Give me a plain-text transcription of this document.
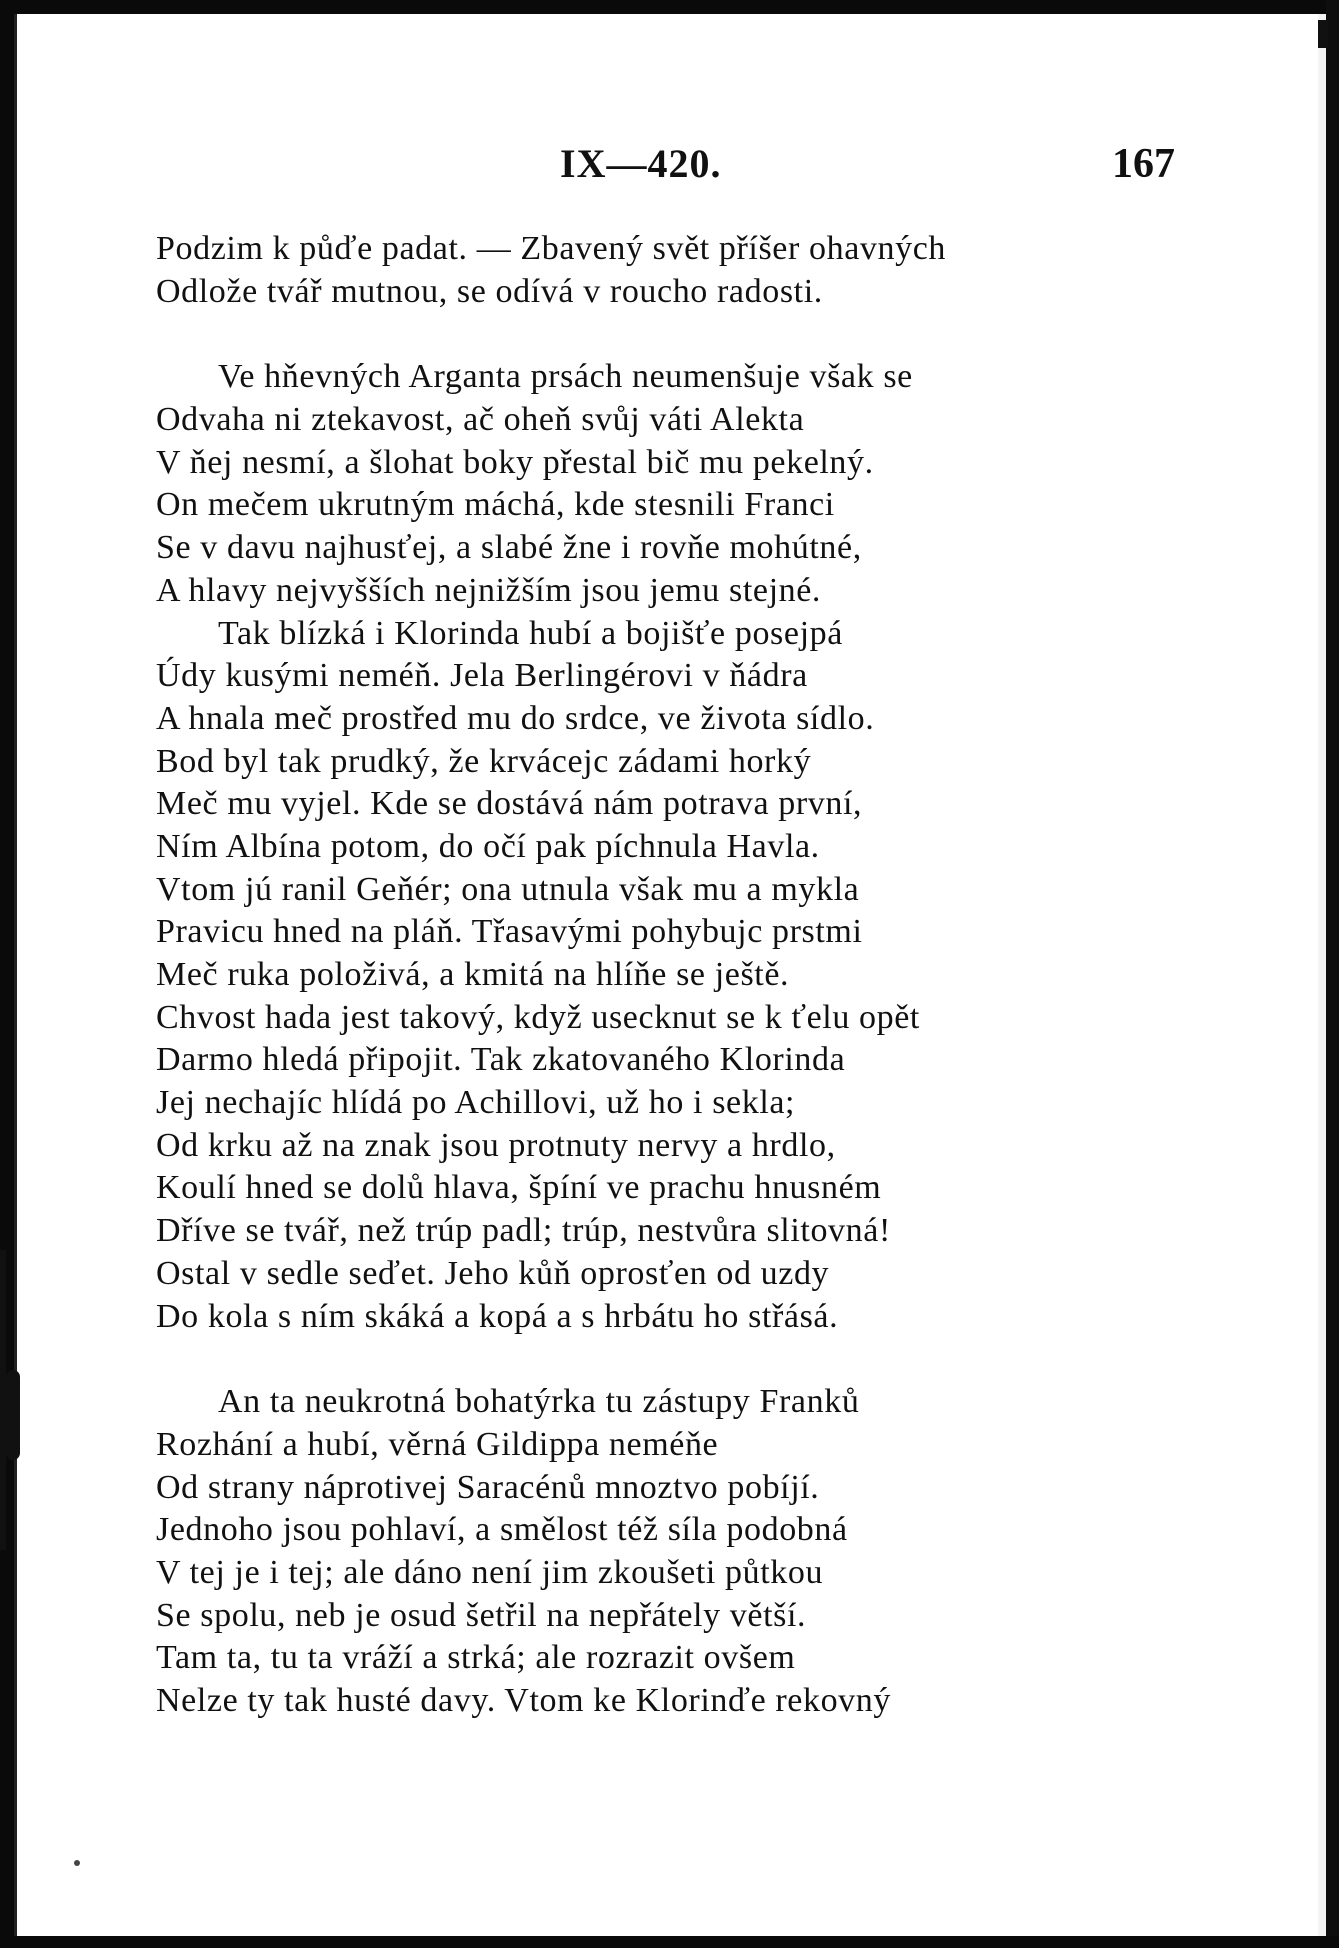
IX—420.	167
Podzim k půďe padat. — Zbavený svět příšer ohavných
Odlože tvář mutnou, se odívá v roucho radosti.
Ve hňevných Arganta prsách neumenšuje však se
Odvaha ni ztekavost, ač oheň svůj váti Alekta
V ňej nesmí, a šlohat boky přestal bič mu pekelný.
On mečem ukrutným máchá, kde stesnili Franci
Se v davu najhusťej, a slabé žne i rovňe mohútné,
A hlavy nejvyšších nejnižším jsou jemu stejné.
Tak blízká i Klorinda hubí a bojišťe posejpá
Údy kusými neméň. Jela Berlingérovi v ňádra
A hnala meč prostřed mu do srdce, ve života sídlo.
Bod byl tak prudký, že krvácejc zádami horký
Meč mu vyjel. Kde se dostává nám potrava první,
Ním Albína potom, do očí pak píchnula Havla.
Vtom jú ranil Geňér; ona utnula však mu a mykla
Pravicu hned na pláň. Třasavými pohybujc prstmi
Meč ruka položivá, a kmitá na hlíňe se ještě.
Chvost hada jest takový, když usecknut se k ťelu opět
Darmo hledá připojit. Tak zkatovaného Klorinda
Jej nechajíc hlídá po Achillovi, už ho i sekla;
Od krku až na znak jsou protnuty nervy a hrdlo,
Koulí hned se dolů hlava, špíní ve prachu hnusném
Dříve se tvář, než trúp padl; trúp, nestvůra slitovná!
Ostal v sedle seďet. Jeho kůň oprosťen od uzdy
Do kola s ním skáká a kopá a s hrbátu ho střásá.
An ta neukrotná bohatýrka tu zástupy Franků
Rozhání a hubí, věrná Gildippa neméňe
Od strany náprotivej Saracénů mnoztvo pobíjí.
Jednoho jsou pohlaví, a smělost též síla podobná
V tej je i tej; ale dáno není jim zkoušeti půtkou
Se spolu, neb je osud šetřil na nepřátely větší.
Tam ta, tu ta vráží a strká; ale rozrazit ovšem
Nelze ty tak husté davy. Vtom ke Klorinďe rekovný
